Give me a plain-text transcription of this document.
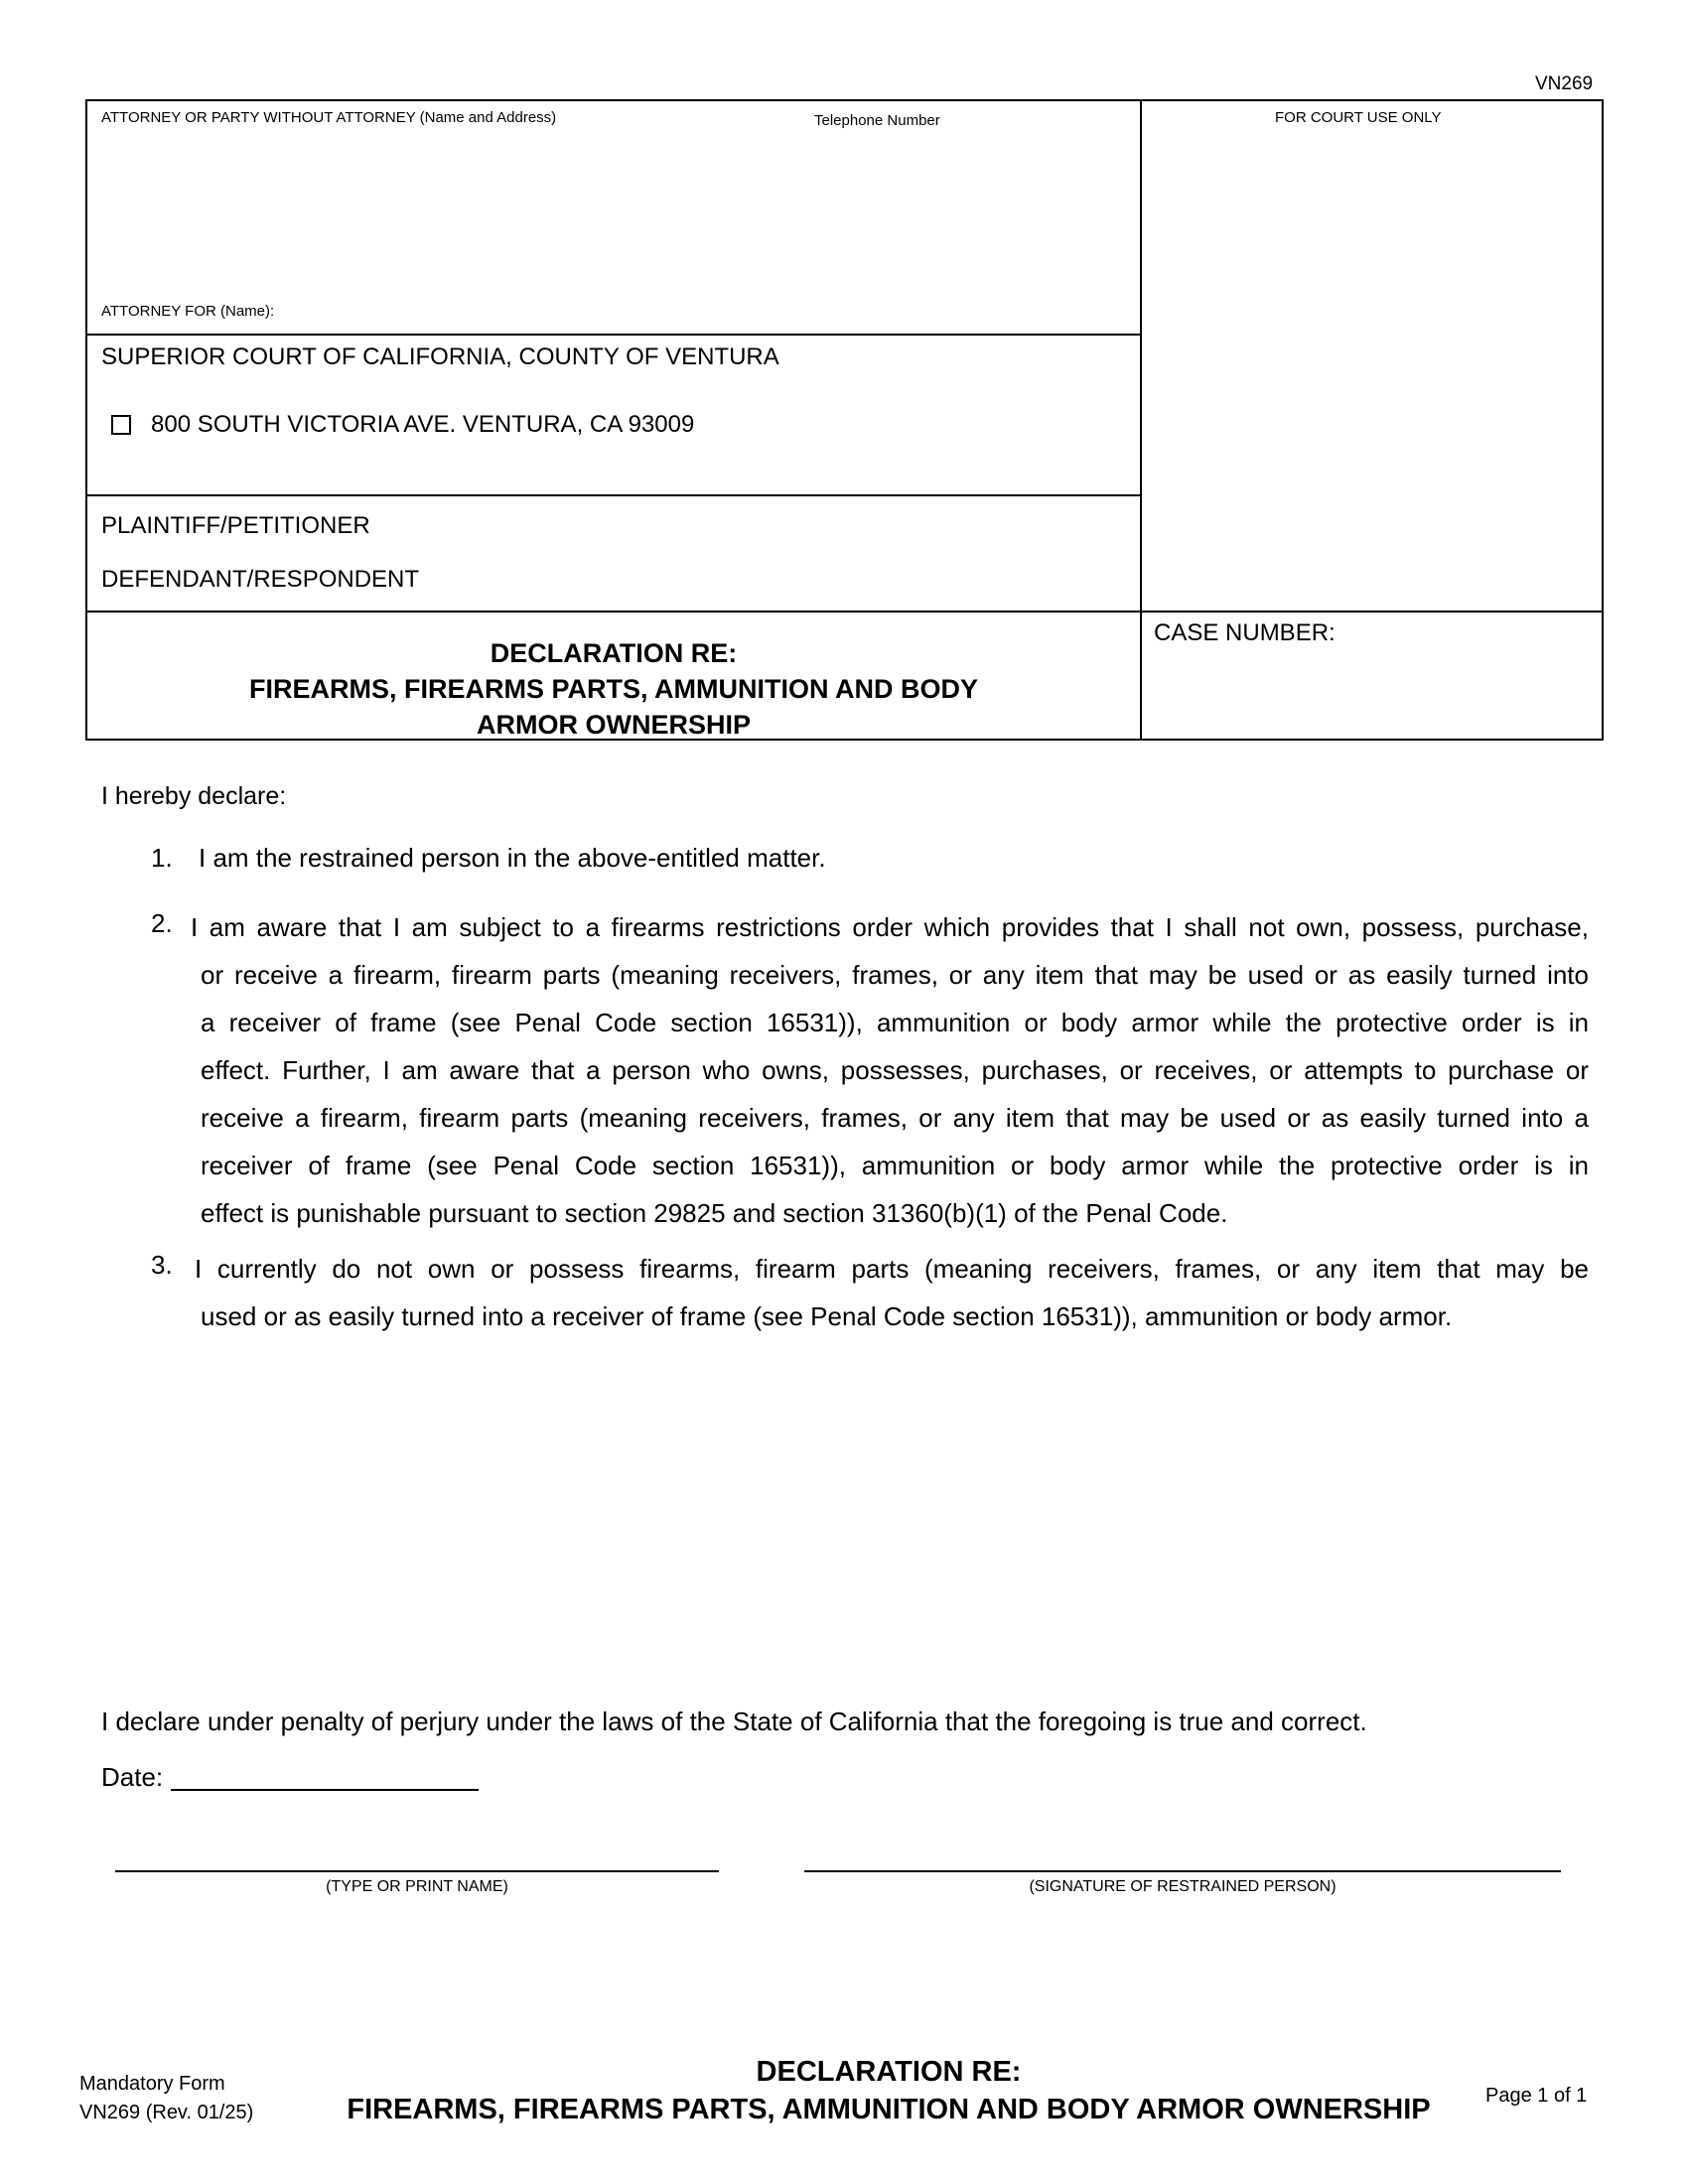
VN269
ATTORNEY OR PARTY WITHOUT ATTORNEY (Name and Address)	Telephone Number	FOR COURT USE ONLY
ATTORNEY FOR (Name):
SUPERIOR COURT OF CALIFORNIA, COUNTY OF VENTURA
800 SOUTH VICTORIA AVE. VENTURA, CA 93009
PLAINTIFF/PETITIONER
DEFENDANT/RESPONDENT
DECLARATION RE:
FIREARMS, FIREARMS PARTS, AMMUNITION AND BODY
ARMOR OWNERSHIP
CASE NUMBER:
I hereby declare:
1. I am the restrained person in the above-entitled matter.
2. I am aware that I am subject to a firearms restrictions order which provides that I shall not own, possess, purchase,
or receive a firearm, firearm parts (meaning receivers, frames, or any item that may be used or as easily turned into
a receiver of frame (see Penal Code section 16531)), ammunition or body armor while the protective order is in
effect. Further, I am aware that a person who owns, possesses, purchases, or receives, or attempts to purchase or
receive a firearm, firearm parts (meaning receivers, frames, or any item that may be used or as easily turned into a
receiver of frame (see Penal Code section 16531)), ammunition or body armor while the protective order is in
effect is punishable pursuant to section 29825 and section 31360(b)(1) of the Penal Code.
3. I currently do not own or possess firearms, firearm parts (meaning receivers, frames, or any item that may be
used or as easily turned into a receiver of frame (see Penal Code section 16531)), ammunition or body armor.
I declare under penalty of perjury under the laws of the State of California that the foregoing is true and correct.
Date:
(TYPE OR PRINT NAME)	(SIGNATURE OF RESTRAINED PERSON)
Mandatory Form
VN269 (Rev. 01/25)
DECLARATION RE:
FIREARMS, FIREARMS PARTS, AMMUNITION AND BODY ARMOR OWNERSHIP	Page 1 of 1
